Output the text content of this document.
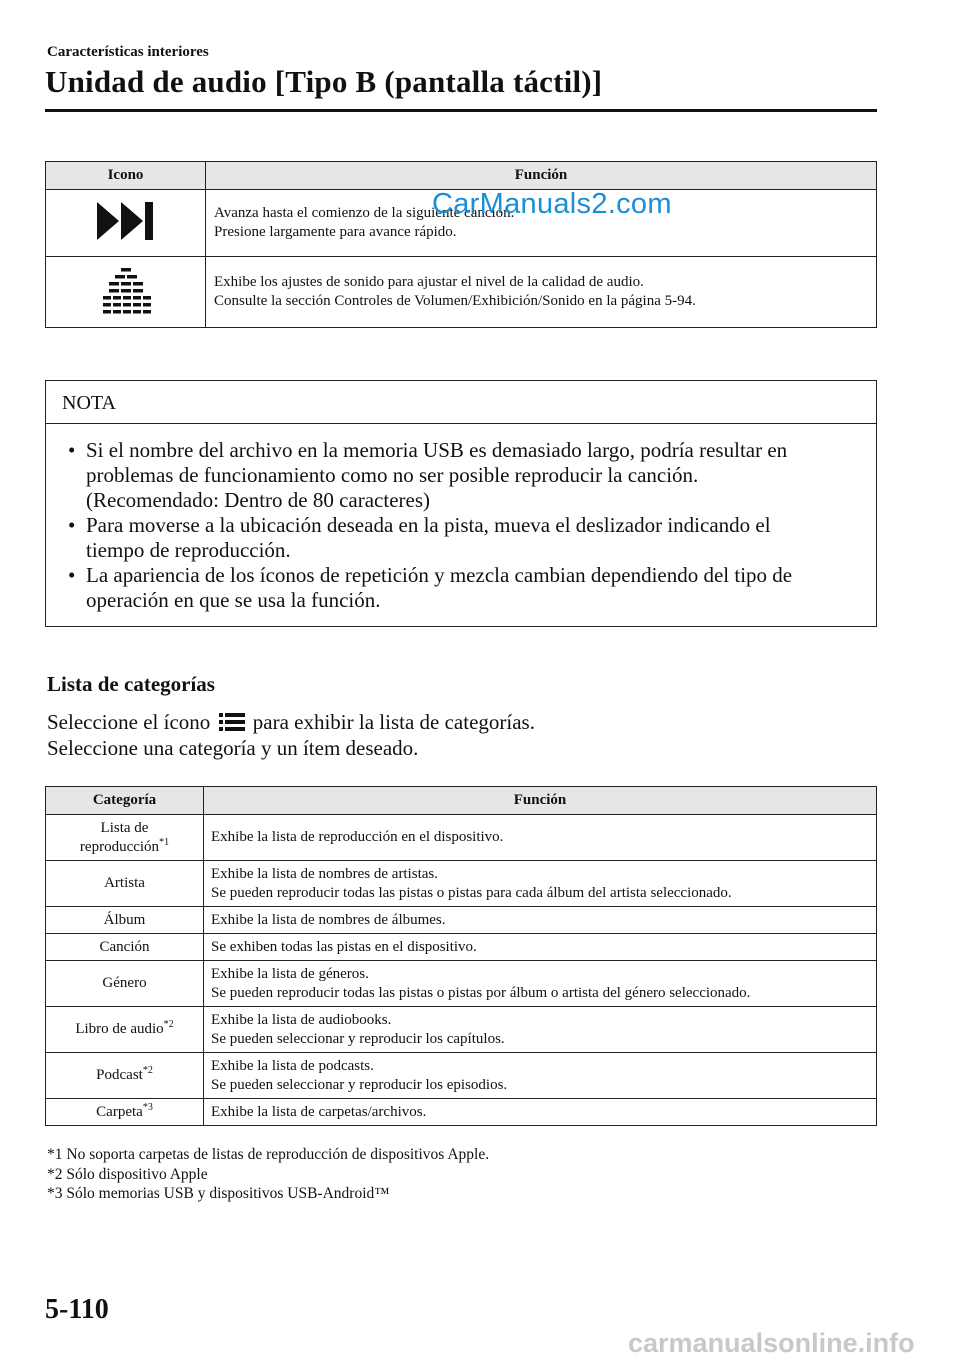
Características interiores
Unidad de audio [Tipo B (pantalla táctil)]
Icono	Función

Avanza hasta el comienzo de la siguiente canción.
Presione largamente para avance rápido.

Exhibe los ajustes de sonido para ajustar el nivel de la calidad de audio.
Consulte la sección Controles de Volumen/Exhibición/Sonido en la página 5-94.
CarManuals2.com
NOTA
• Si el nombre del archivo en la memoria USB es demasiado largo, podría resultar en
problemas de funcionamiento como no ser posible reproducir la canción.
(Recomendado: Dentro de 80 caracteres)
• Para moverse a la ubicación deseada en la pista, mueva el deslizador indicando el
tiempo de reproducción.
• La apariencia de los íconos de repetición y mezcla cambian dependiendo del tipo de
operación en que se usa la función.
Lista de categorías
Seleccione el ícono para exhibir la lista de categorías.
Seleccione una categoría y un ítem deseado.
Categoría	Función

Lista de
reproducción$^{*1}$	Exhibe la lista de reproducción en el dispositivo.

Artista	Exhibe la lista de nombres de artistas.
Se pueden reproducir todas las pistas o pistas para cada álbum del artista seleccionado.

Álbum	Exhibe la lista de nombres de álbumes.

Canción	Se exhiben todas las pistas en el dispositivo.

Género	Exhibe la lista de géneros.
Se pueden reproducir todas las pistas o pistas por álbum o artista del género seleccionado.

Libro de audio$^{*2}$	Exhibe la lista de audiobooks.
Se pueden seleccionar y reproducir los capítulos.

Podcast$^{*2}$	Exhibe la lista de podcasts.
Se pueden seleccionar y reproducir los episodios.

Carpeta$^{*3}$	Exhibe la lista de carpetas/archivos.
*1 No soporta carpetas de listas de reproducción de dispositivos Apple.
*2 Sólo dispositivo Apple
*3 Sólo memorias USB y dispositivos USB-Android™
5-110
carmanualsonline.info
